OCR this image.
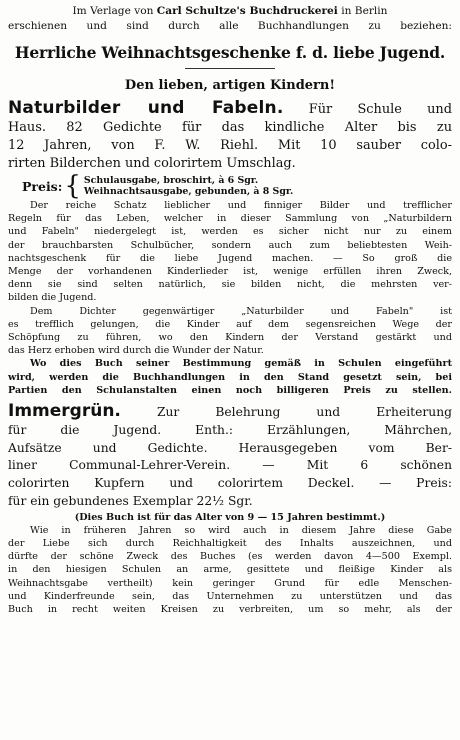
Im Verlage von Carl Schultze's Buchdruckerei in Berlin

erschienen und sind durch alle Buchhandlungen zu beziehen:

Herrliche Weihnachtsgeschenke f. d. liebe Jugend.
Den lieben, artigen Kindern!

Naturbilder und Fabeln. Für Schule und

Haus. 82 Gedichte für das kindliche Alter bis zu

12 Jahren, von F. W. Riehl. Mit 10 sauber colo-

rirten Bilderchen und colorirtem Umschlag.

Preis: { Schulausgabe, broschirt, à 6 Sgr.
Weihnachtsausgabe, gebunden, à 8 Sgr.

Der reiche Schatz lieblicher und finniger Bilder und trefflicher

Regeln für das Leben, welcher in dieser Sammlung von „Naturbildern

und Fabeln" niedergelegt ist, werden es sicher nicht nur zu einem

der brauchbarsten Schulbücher, sondern auch zum beliebtesten Weih-

nachtsgeschenk für die liebe Jugend machen. — So groß die

Menge der vorhandenen Kinderlieder ist, wenige erfüllen ihren Zweck,

denn sie sind selten natürlich, sie bilden nicht, die mehrsten ver-

bilden die Jugend.

Dem Dichter gegenwärtiger „Naturbilder und Fabeln" ist

es trefflich gelungen, die Kinder auf dem segensreichen Wege der

Schöpfung zu führen, wo den Kindern der Verstand gestärkt und

das Herz erhoben wird durch die Wunder der Natur.

Wo dies Buch seiner Bestimmung gemäß in Schulen eingeführt

wird, werden die Buchhandlungen in den Stand gesetzt sein, bei

Partien den Schulanstalten einen noch billigeren Preis zu stellen.

Immergrün.	Zur Belehrung und Erheiterung

für die Jugend. Enth.: Erzählungen, Mährchen,

Aufsätze und Gedichte. Herausgegeben vom Ber-

liner Communal-Lehrer-Verein. — Mit 6 schönen

colorirten Kupfern und colorirtem Deckel. — Preis:

für ein gebundenes Exemplar 22½ Sgr.

(Dies Buch ist für das Alter von 9 — 15 Jahren bestimmt.)

Wie in früheren Jahren so wird auch in diesem Jahre diese Gabe

der Liebe sich durch Reichhaltigkeit des Inhalts auszeichnen, und

dürfte der schöne Zweck des Buches (es werden davon 4—500 Exempl.

in den hiesigen Schulen an arme, gesittete und fleißige Kinder als

Weihnachtsgabe vertheilt) kein geringer Grund für edle Menschen-

und Kinderfreunde sein, das Unternehmen zu unterstützen und das

Buch in recht weiten Kreisen zu verbreiten, um so mehr, als der
